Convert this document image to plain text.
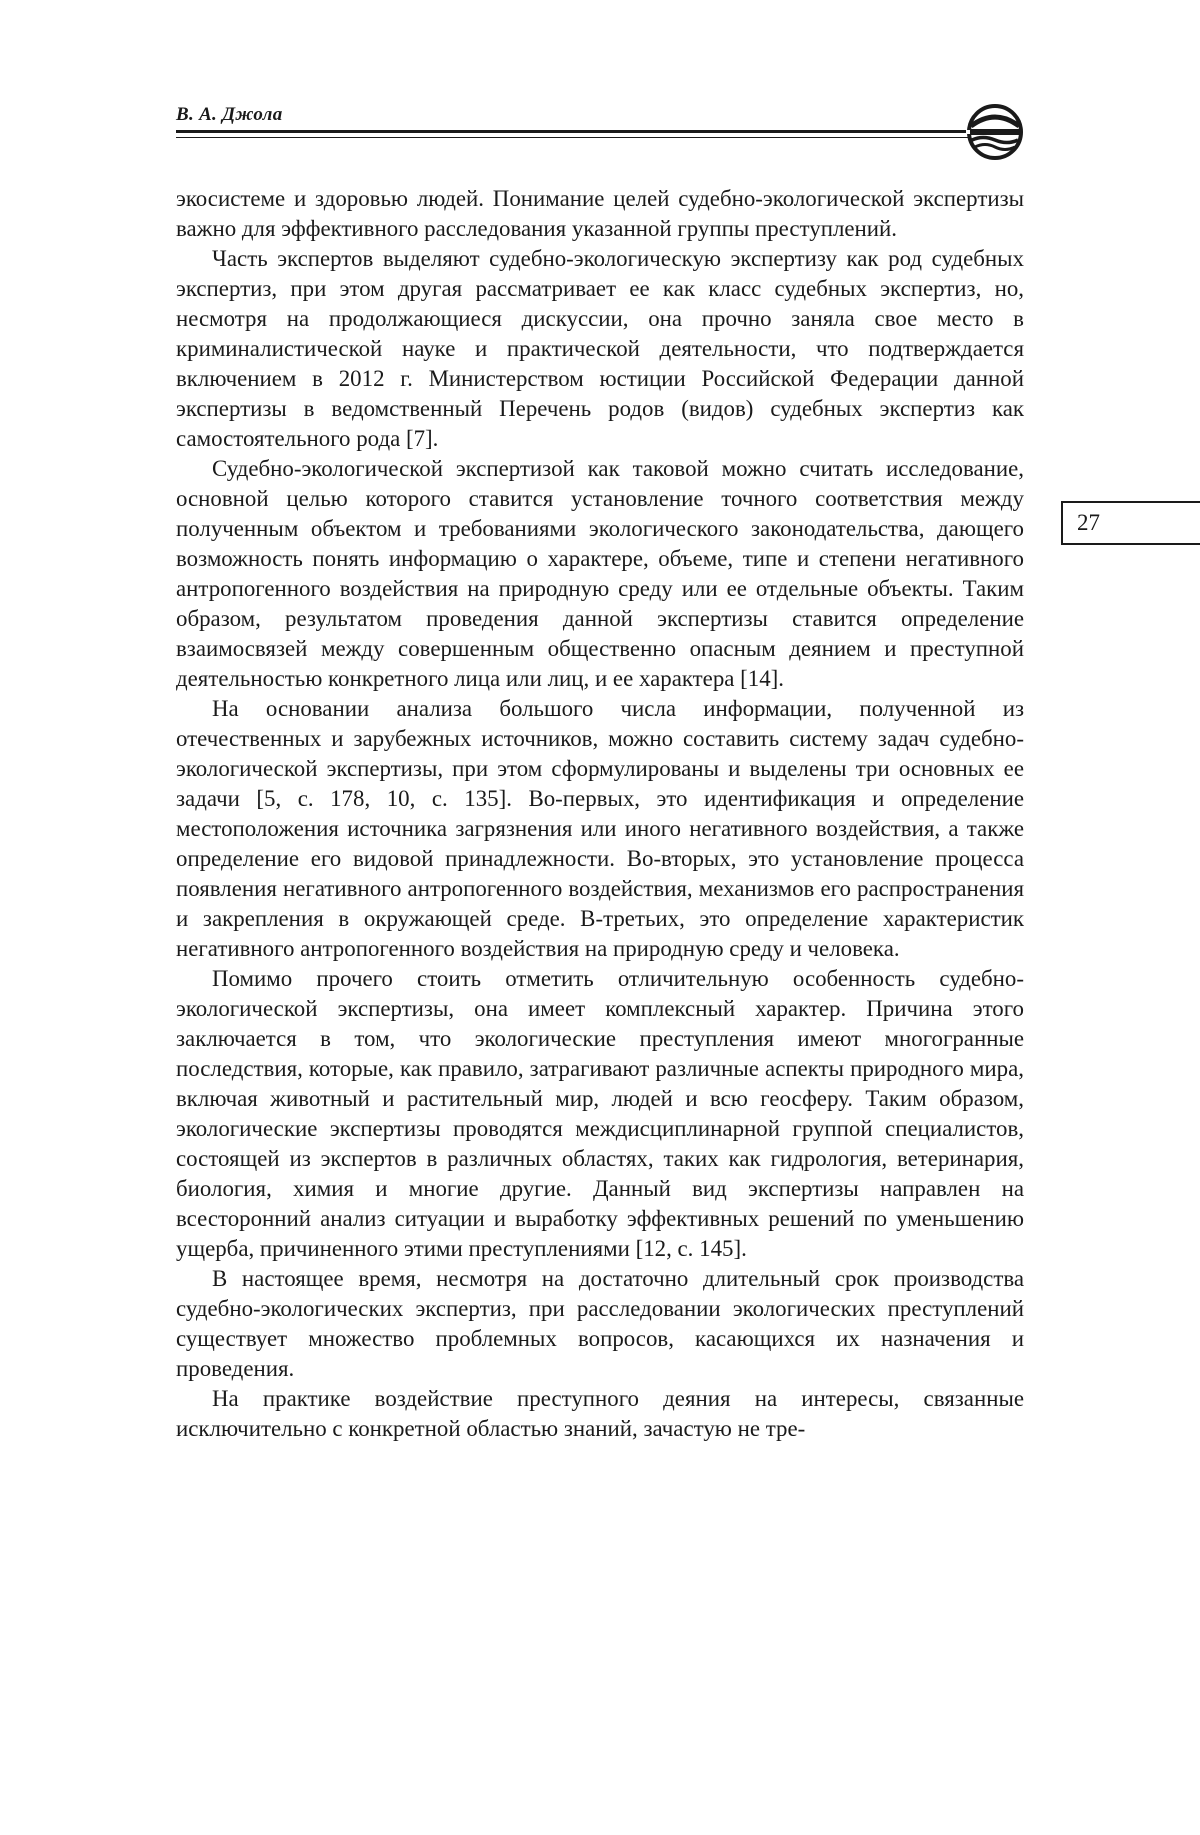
В. А. Джола
27

экосистеме и здоровью людей. Понимание целей судебно-экологической экспертизы важно для эффективного расследования указанной группы преступлений.

Часть экспертов выделяют судебно-экологическую экспертизу как род судебных экспертиз, при этом другая рассматривает ее как класс судебных экспертиз, но, несмотря на продолжающиеся дискуссии, она прочно заняла свое место в криминалистической науке и практической деятельности, что подтверждается включением в 2012 г. Министерством юстиции Российской Федерации данной экспертизы в ведомственный Перечень родов (видов) судебных экспертиз как самостоятельного рода [7].

Судебно-экологической экспертизой как таковой можно считать исследование, основной целью которого ставится установление точного соответствия между полученным объектом и требованиями экологического законодательства, дающего возможность понять информацию о характере, объеме, типе и степени негативного антропогенного воздействия на природную среду или ее отдельные объекты. Таким образом, результатом проведения данной экспертизы ставится определение взаимосвязей между совершенным общественно опасным деянием и преступной деятельностью конкретного лица или лиц, и ее характера [14].

На основании анализа большого числа информации, полученной из отечественных и зарубежных источников, можно составить систему задач судебно-экологической экспертизы, при этом сформулированы и выделены три основных ее задачи [5, с. 178, 10, с. 135]. Во-первых, это идентификация и определение местоположения источника загрязнения или иного негативного воздействия, а также определение его видовой принадлежности. Во-вторых, это установление процесса появления негативного антропогенного воздействия, механизмов его распространения и закрепления в окружающей среде. В-третьих, это определение характеристик негативного антропогенного воздействия на природную среду и человека.

Помимо прочего стоить отметить отличительную особенность судебно-экологической экспертизы, она имеет комплексный характер. Причина этого заключается в том, что экологические преступления имеют многогранные последствия, которые, как правило, затрагивают различные аспекты природного мира, включая животный и растительный мир, людей и всю геосферу. Таким образом, экологические экспертизы проводятся междисциплинарной группой специалистов, состоящей из экспертов в различных областях, таких как гидрология, ветеринария, биология, химия и многие другие. Данный вид экспертизы направлен на всесторонний анализ ситуации и выработку эффективных решений по уменьшению ущерба, причиненного этими преступлениями [12, с. 145].

В настоящее время, несмотря на достаточно длительный срок производства судебно-экологических экспертиз, при расследовании экологических преступлений существует множество проблемных вопросов, касающихся их назначения и проведения.

На практике воздействие преступного деяния на интересы, связанные исключительно с конкретной областью знаний, зачастую не тре-
